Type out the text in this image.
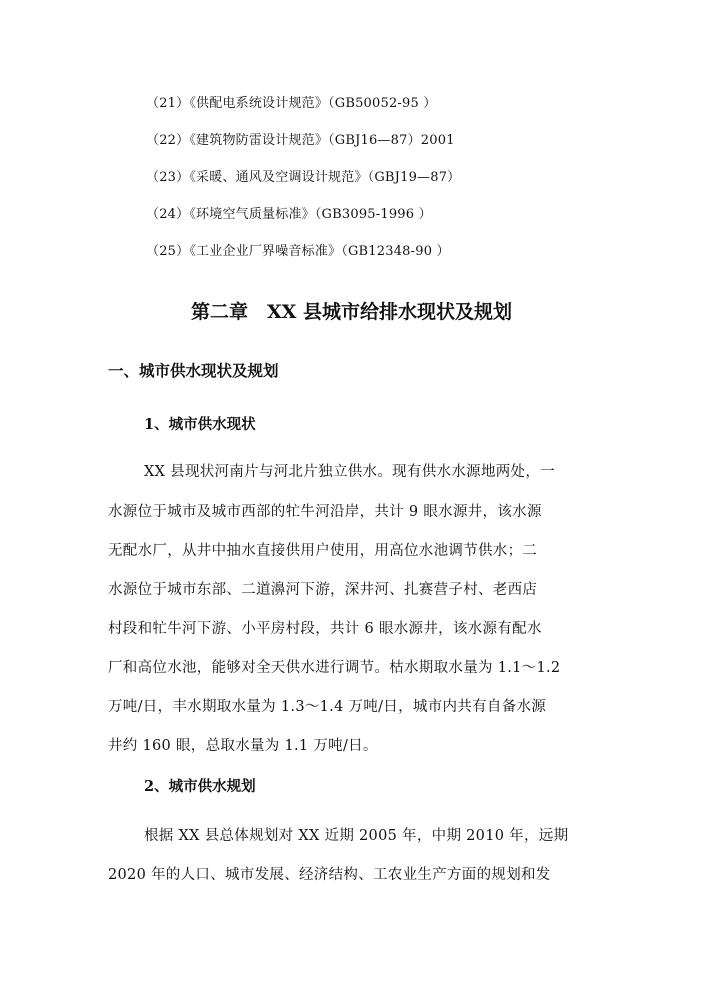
（21）《供配电系统设计规范》（GB50052-95 ）
（22）《建筑物防雷设计规范》（GBJ16—87）2001
（23）《采暖、通风及空调设计规范》（GBJ19—87）
（24）《环境空气质量标准》（GB3095-1996 ）
（25）《工业企业厂界噪音标准》（GB12348-90 ）
第二章　XX 县城市给排水现状及规划
一、城市供水现状及规划
1、城市供水现状
XX 县现状河南片与河北片独立供水。现有供水水源地两处，一
水源位于城市及城市西部的牤牛河沿岸，共计 9 眼水源井，该水源
无配水厂，从井中抽水直接供用户使用，用高位水池调节供水；二
水源位于城市东部、二道濞河下游，深井河、扎赛营子村、老西店
村段和牤牛河下游、小平房村段，共计 6 眼水源井，该水源有配水
厂和高位水池，能够对全天供水进行调节。枯水期取水量为 1.1～1.2
万吨/日，丰水期取水量为 1.3～1.4 万吨/日，城市内共有自备水源
井约 160 眼，总取水量为 1.1 万吨/日。
2、城市供水规划
根据 XX 县总体规划对 XX 近期 2005 年，中期 2010 年，远期
2020 年的人口、城市发展、经济结构、工农业生产方面的规划和发
